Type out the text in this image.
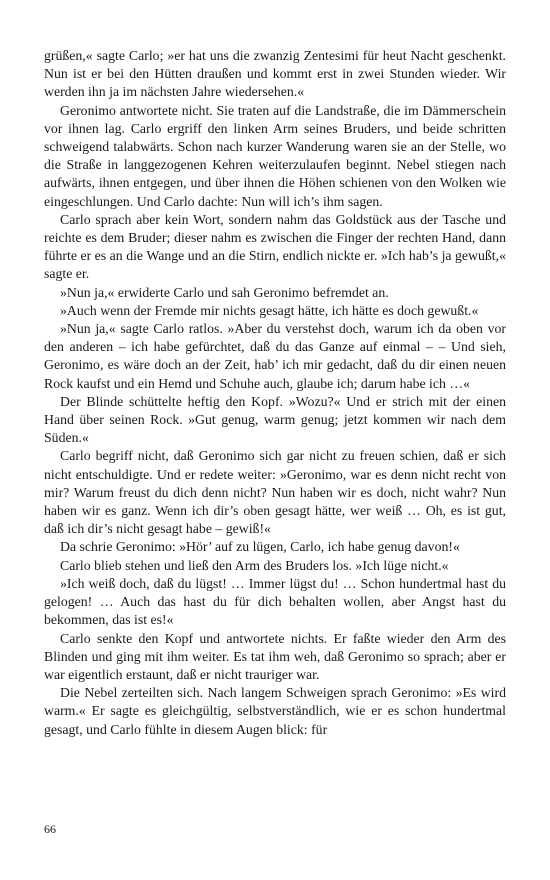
grüßen,« sagte Carlo; »er hat uns die zwanzig Zentesimi für heut Nacht geschenkt. Nun ist er bei den Hütten draußen und kommt erst in zwei Stunden wieder. Wir werden ihn ja im nächsten Jahre wiedersehen.«

Geronimo antwortete nicht. Sie traten auf die Landstraße, die im Dämmerschein vor ihnen lag. Carlo ergriff den linken Arm seines Bruders, und beide schritten schweigend talabwärts. Schon nach kurzer Wanderung waren sie an der Stelle, wo die Straße in langgezogenen Kehren weiterzulaufen beginnt. Nebel stiegen nach aufwärts, ihnen entgegen, und über ihnen die Höhen schienen von den Wolken wie eingeschlungen. Und Carlo dachte: Nun will ich’s ihm sagen.

Carlo sprach aber kein Wort, sondern nahm das Goldstück aus der Tasche und reichte es dem Bruder; dieser nahm es zwischen die Finger der rechten Hand, dann führte er es an die Wange und an die Stirn, endlich nickte er. »Ich hab’s ja gewußt,« sagte er.

»Nun ja,« erwiderte Carlo und sah Geronimo befremdet an.

»Auch wenn der Fremde mir nichts gesagt hätte, ich hätte es doch gewußt.«

»Nun ja,« sagte Carlo ratlos. »Aber du verstehst doch, warum ich da oben vor den anderen – ich habe gefürchtet, daß du das Ganze auf einmal – – Und sieh, Geronimo, es wäre doch an der Zeit, hab’ ich mir gedacht, daß du dir einen neuen Rock kaufst und ein Hemd und Schuhe auch, glaube ich; darum habe ich …«

Der Blinde schüttelte heftig den Kopf. »Wozu?« Und er strich mit der einen Hand über seinen Rock. »Gut genug, warm genug; jetzt kommen wir nach dem Süden.«

Carlo begriff nicht, daß Geronimo sich gar nicht zu freuen schien, daß er sich nicht entschuldigte. Und er redete weiter: »Geronimo, war es denn nicht recht von mir? Warum freust du dich denn nicht? Nun haben wir es doch, nicht wahr? Nun haben wir es ganz. Wenn ich dir’s oben gesagt hätte, wer weiß … Oh, es ist gut, daß ich dir’s nicht gesagt habe – gewiß!«

Da schrie Geronimo: »Hör’ auf zu lügen, Carlo, ich habe genug davon!«

Carlo blieb stehen und ließ den Arm des Bruders los. »Ich lüge nicht.«

»Ich weiß doch, daß du lügst! … Immer lügst du! … Schon hundertmal hast du gelogen! … Auch das hast du für dich behalten wollen, aber Angst hast du bekommen, das ist es!«

Carlo senkte den Kopf und antwortete nichts. Er faßte wieder den Arm des Blinden und ging mit ihm weiter. Es tat ihm weh, daß Geronimo so sprach; aber er war eigentlich erstaunt, daß er nicht trauriger war.

Die Nebel zerteilten sich. Nach langem Schweigen sprach Geronimo: »Es wird warm.« Er sagte es gleichgültig, selbstverständlich, wie er es schon hundertmal gesagt, und Carlo fühlte in diesem Augen blick: für

66
